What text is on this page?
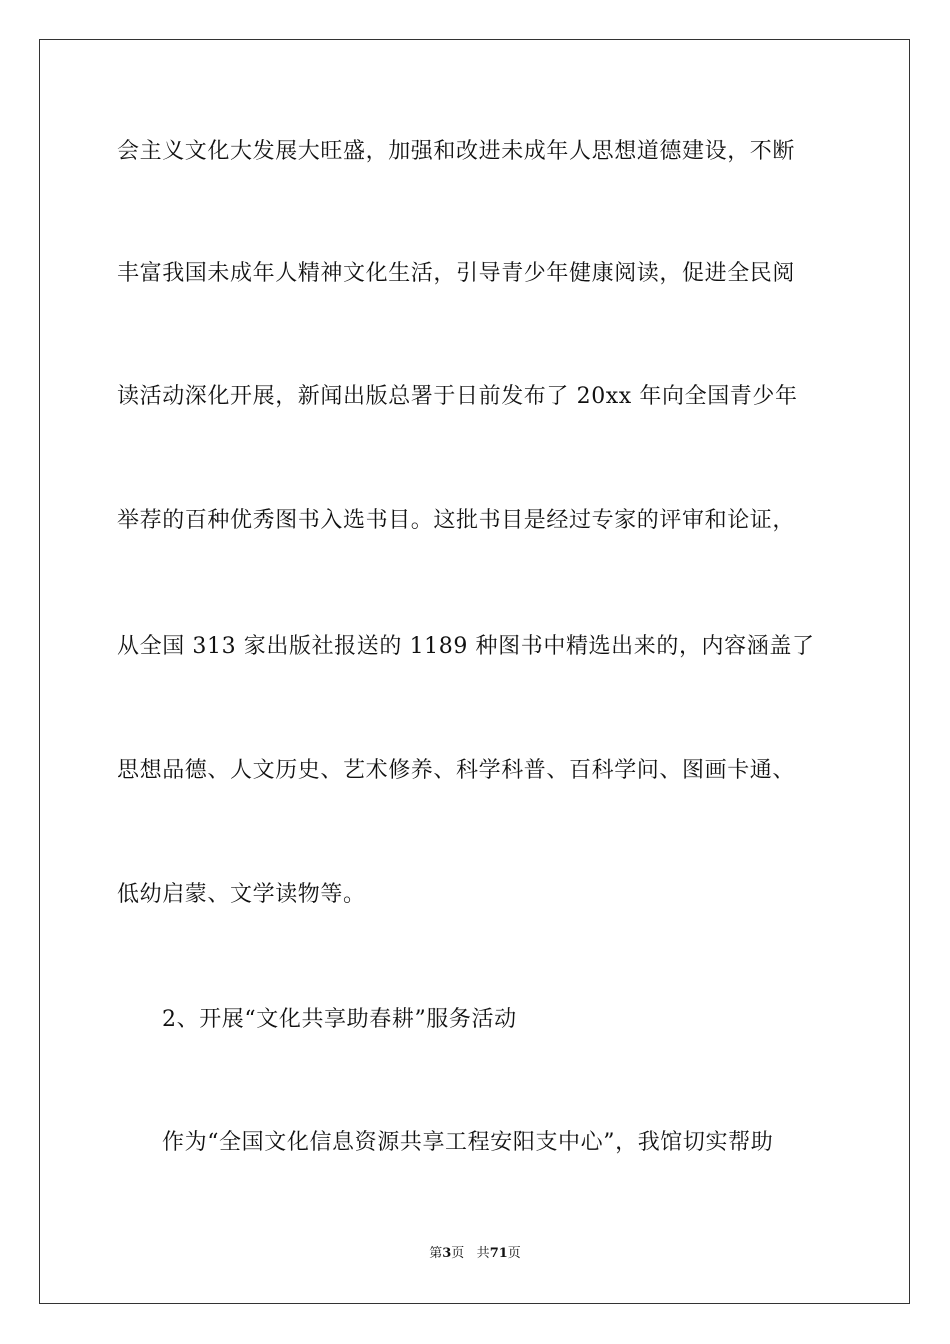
会主义文化大发展大旺盛，加强和改进未成年人思想道德建设，不断
丰富我国未成年人精神文化生活，引导青少年健康阅读，促进全民阅
读活动深化开展，新闻出版总署于日前发布了 20xx 年向全国青少年
举荐的百种优秀图书入选书目。这批书目是经过专家的评审和论证，
从全国 313 家出版社报送的 1189 种图书中精选出来的，内容涵盖了
思想品德、人文历史、艺术修养、科学科普、百科学问、图画卡通、
低幼启蒙、文学读物等。
2、开展“文化共享助春耕”服务活动
作为“全国文化信息资源共享工程安阳支中心”，我馆切实帮助
第3页 共71页
